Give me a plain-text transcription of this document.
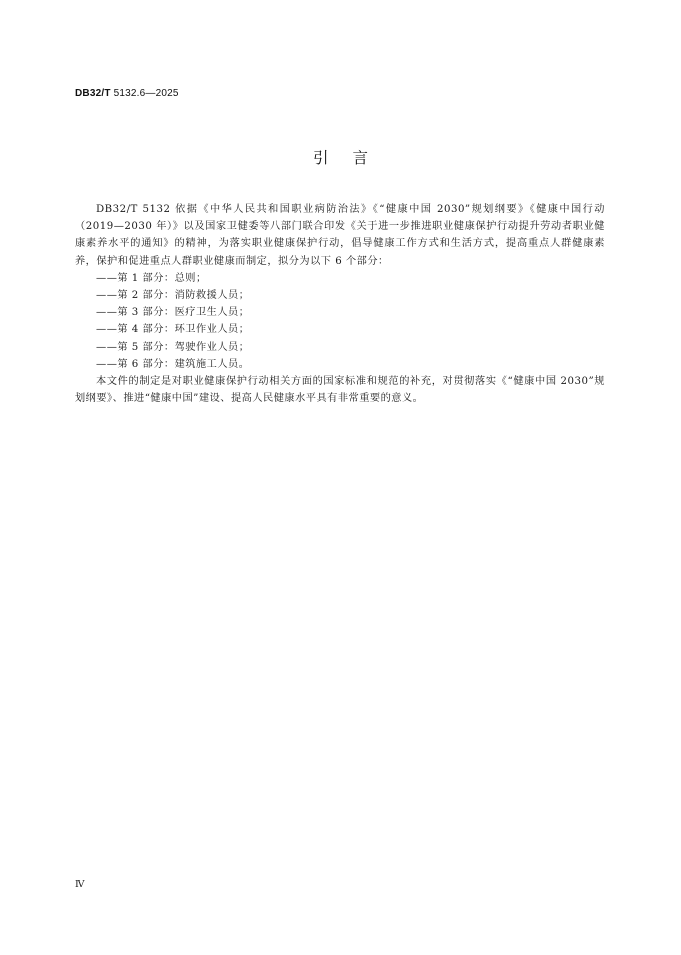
DB32/T 5132.6—2025
引言

DB32/T 5132 依据《中华人民共和国职业病防治法》《“健康中国 2030”规划纲要》《健康中国行动（2019—2030 年）》以及国家卫健委等八部门联合印发《关于进一步推进职业健康保护行动提升劳动者职业健康素养水平的通知》的精神，为落实职业健康保护行动，倡导健康工作方式和生活方式，提高重点人群健康素养，保护和促进重点人群职业健康而制定，拟分为以下 6 个部分：

——第 1 部分：总则；

——第 2 部分：消防救援人员；

——第 3 部分：医疗卫生人员；

——第 4 部分：环卫作业人员；

——第 5 部分：驾驶作业人员；

——第 6 部分：建筑施工人员。

本文件的制定是对职业健康保护行动相关方面的国家标准和规范的补充，对贯彻落实《“健康中国 2030”规划纲要》、推进“健康中国”建设、提高人民健康水平具有非常重要的意义。

Ⅳ
